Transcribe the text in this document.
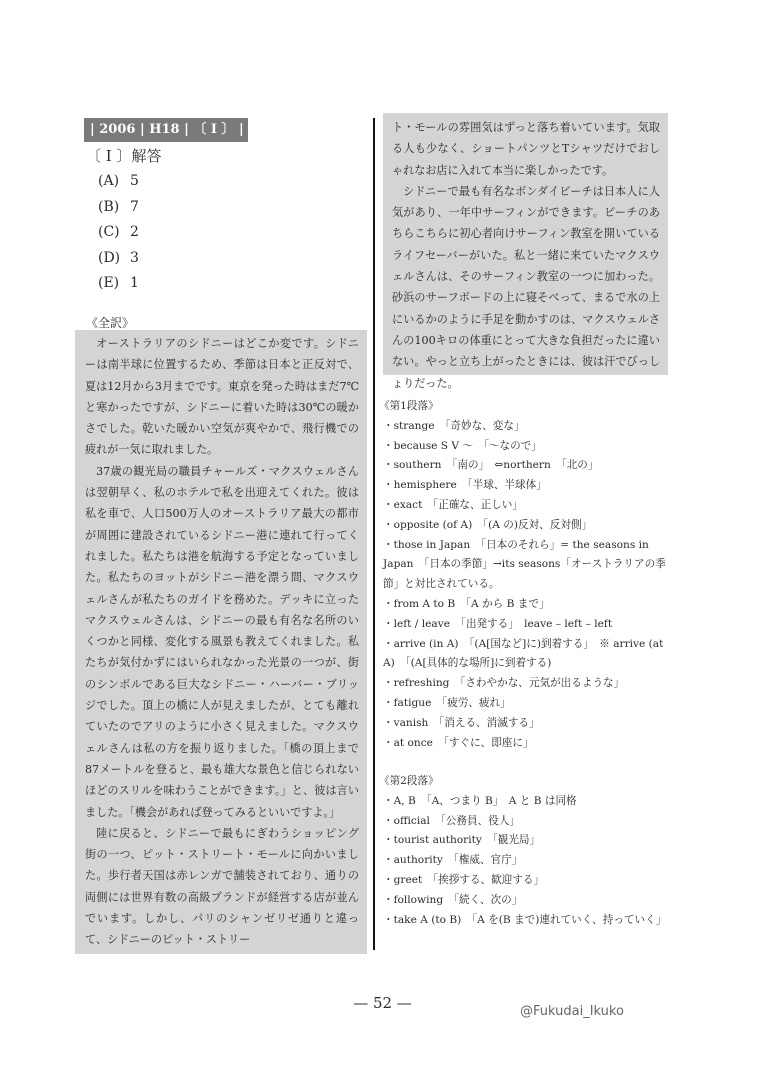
| 2006 | H18 | 〔 I 〕 |
〔 I 〕解答
(A) 5
(B) 7
(C) 2
(D) 3
(E) 1
《全訳》

オーストラリアのシドニーはどこか変です。シドニーは南半球に位置するため、季節は日本と正反対で、夏は12月から3月までです。東京を発った時はまだ7℃と寒かったですが、シドニーに着いた時は30℃の暖かさでした。乾いた暖かい空気が爽やかで、飛行機での疲れが一気に取れました。

37歳の観光局の職員チャールズ・マクスウェルさんは翌朝早く、私のホテルで私を出迎えてくれた。彼は私を車で、人口500万人のオーストラリア最大の都市が周囲に建設されているシドニー港に連れて行ってくれました。私たちは港を航海する予定となっていました。私たちのヨットがシドニー港を漂う間、マクスウェルさんが私たちのガイドを務めた。デッキに立ったマクスウェルさんは、シドニーの最も有名な名所のいくつかと同様、変化する風景も教えてくれました。私たちが気付かずにはいられなかった光景の一つが、街のシンボルである巨大なシドニー・ハーバー・ブリッジでした。頂上の橋に人が見えましたが、とても離れていたのでアリのように小さく見えました。マクスウェルさんは私の方を振り返りました。「橋の頂上まで87メートルを登ると、最も雄大な景色と信じられないほどのスリルを味わうことができます。」と、彼は言いました。「機会があれば登ってみるといいですよ。」

陸に戻ると、シドニーで最もにぎわうショッピング街の一つ、ピット・ストリート・モールに向かいました。歩行者天国は赤レンガで舗装されており、通りの両側には世界有数の高級ブランドが経営する店が並んでいます。しかし、パリのシャンゼリゼ通りと違って、シドニーのピット・ストリー

ト・モールの雰囲気はずっと落ち着いています。気取る人も少なく、ショートパンツとTシャツだけでおしゃれなお店に入れて本当に楽しかったです。

シドニーで最も有名なボンダイビーチは日本人に人気があり、一年中サーフィンができます。ビーチのあちらこちらに初心者向けサーフィン教室を開いているライフセーバーがいた。私と一緒に来ていたマクスウェルさんは、そのサーフィン教室の一つに加わった。砂浜のサーフボードの上に寝そべって、まるで水の上にいるかのように手足を動かすのは、マクスウェルさんの100キロの体重にとって大きな負担だったに違いない。やっと立ち上がったときには、彼は汗でびっしょりだった。

《第1段落》
・strange　「奇妙な、変な」
・because S V ～　「～なので」
・southern　「南の」　⇔northern　「北の」
・hemisphere　「半球、半球体」
・exact　「正確な、正しい」
・opposite (of A)　「(A の)反対、反対側」
・those in Japan　「日本のそれら」= the seasons in Japan　「日本の季節」→its seasons「オーストラリアの季節」と対比されている。
・from A to B　「A から B まで」
・left / leave　「出発する」　leave – left – left
・arrive (in A)　「(A[国など]に)到着する」　※ arrive (at A)　「(A[具体的な場所]に到着する)
・refreshing　「さわやかな、元気が出るような」
・fatigue　「疲労、疲れ」
・vanish　「消える、消滅する」
・at once　「すぐに、即座に」
《第2段落》
・A, B　「A、つまり B」　A と B は同格
・official　「公務員、役人」
・tourist authority　「観光局」
・authority　「権威、官庁」
・greet　「挨拶する、歓迎する」
・following　「続く、次の」
・take A (to B)　「A を(B まで)連れていく、持っていく」
— 52 —	@Fukudai_Ikuko
